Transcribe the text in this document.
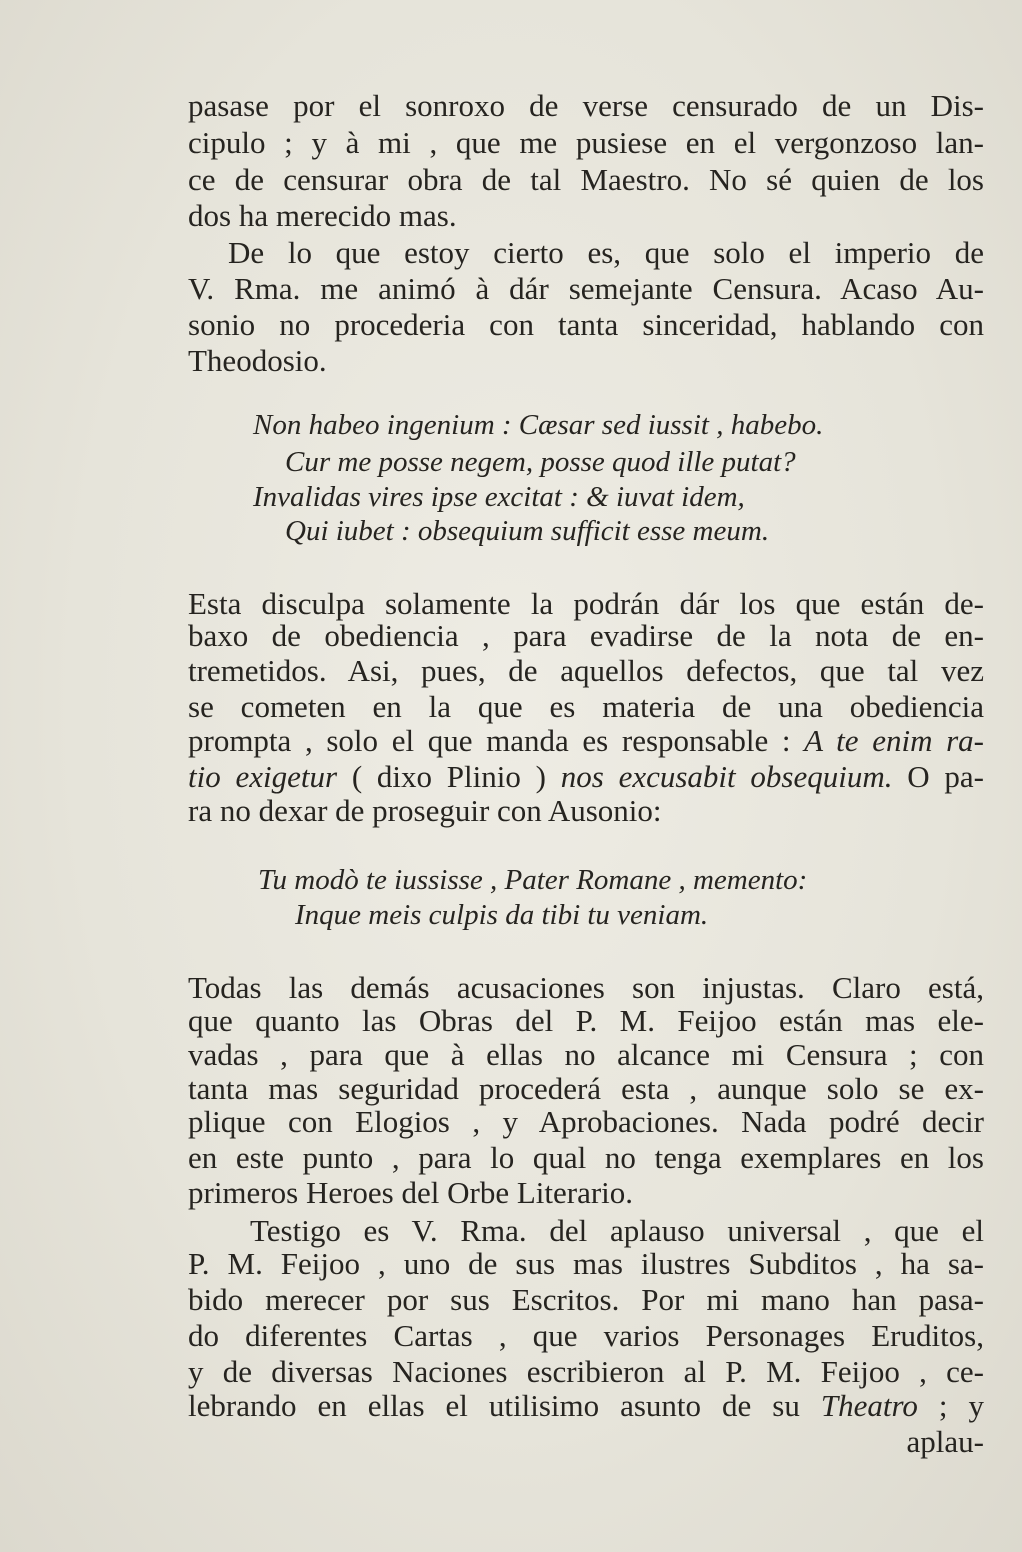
pasase por el sonroxo de verse censurado de un Dis-
cipulo ; y à mi , que me pusiese en el vergonzoso lan-
ce de censurar obra de tal Maestro. No sé quien de los
dos ha merecido mas.
De lo que estoy cierto es, que solo el imperio de
V. Rma. me animó à dár semejante Censura. Acaso Au-
sonio no procederia con tanta sinceridad, hablando con
Theodosio.
Non habeo ingenium : Cæsar sed iussit , habebo.
Cur me posse negem, posse quod ille putat?
Invalidas vires ipse excitat : & iuvat idem,
Qui iubet : obsequium sufficit esse meum.
Esta disculpa solamente la podrán dár los que están de-
baxo de obediencia , para evadirse de la nota de en-
tremetidos. Asi, pues, de aquellos defectos, que tal vez
se cometen en la que es materia de una obediencia
prompta , solo el que manda es responsable : A te enim ra-
tio exigetur ( dixo Plinio ) nos excusabit obsequium. O pa-
ra no dexar de proseguir con Ausonio:
Tu modò te iussisse , Pater Romane , memento:
Inque meis culpis da tibi tu veniam.
Todas las demás acusaciones son injustas. Claro está,
que quanto las Obras del P. M. Feijoo están mas ele-
vadas , para que à ellas no alcance mi Censura ; con
tanta mas seguridad procederá esta , aunque solo se ex-
plique con Elogios , y Aprobaciones. Nada podré decir
en este punto , para lo qual no tenga exemplares en los
primeros Heroes del Orbe Literario.
Testigo es V. Rma. del aplauso universal , que el
P. M. Feijoo , uno de sus mas ilustres Subditos , ha sa-
bido merecer por sus Escritos. Por mi mano han pasa-
do diferentes Cartas , que varios Personages Eruditos,
y de diversas Naciones escribieron al P. M. Feijoo , ce-
lebrando en ellas el utilisimo asunto de su Theatro ; y
aplau-
